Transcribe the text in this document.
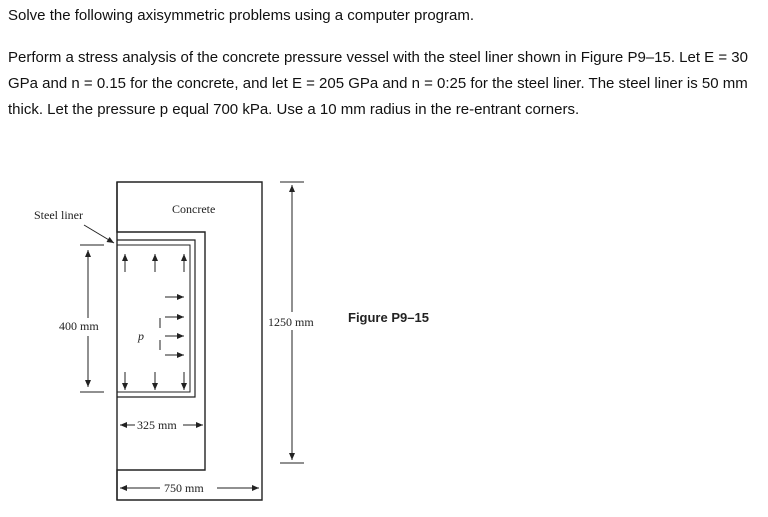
Solve the following axisymmetric problems using a computer program.
Perform a stress analysis of the concrete pressure vessel with the steel liner shown in Figure P9–15. Let E = 30 GPa and n = 0.15 for the concrete, and let E = 205 GPa and n = 0:25 for the steel liner. The steel liner is 50 mm thick. Let the pressure p equal 700 kPa. Use a 10 mm radius in the re-entrant corners.
400 mm
Steel liner	Concrete
p
325 mm
750 mm
1250 mm	Figure P9–15
